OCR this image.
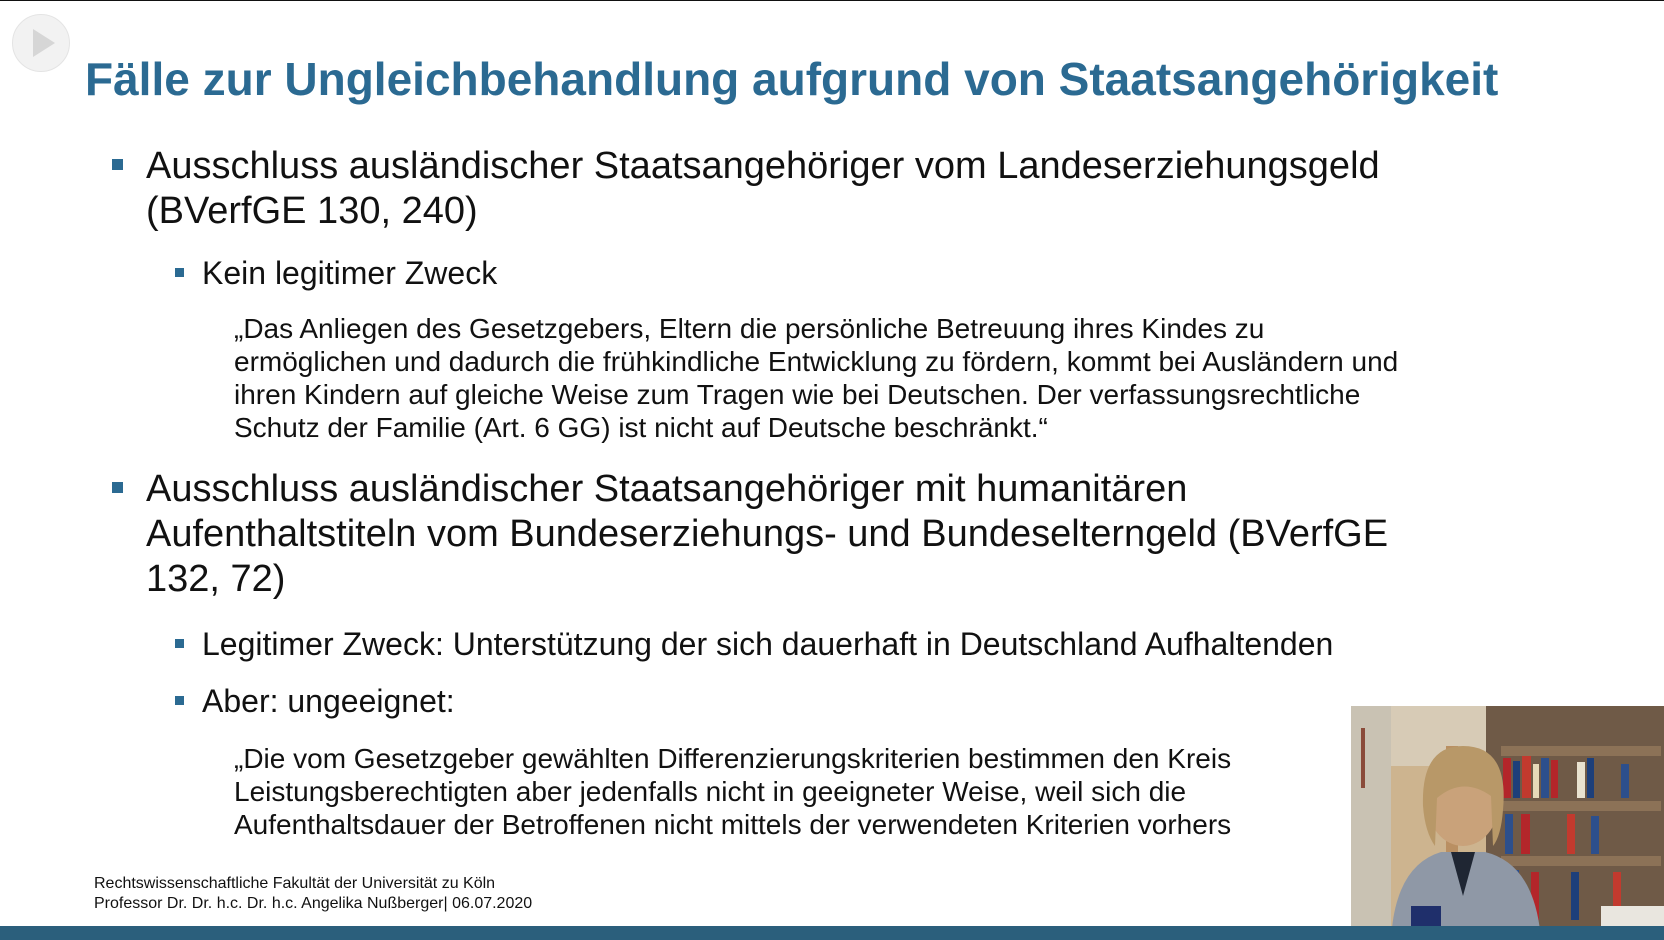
Fälle zur Ungleichbehandlung aufgrund von Staatsangehörigkeit
Ausschluss ausländischer Staatsangehöriger vom Landeserziehungsgeld
(BVerfGE 130, 240)
Kein legitimer Zweck
„Das Anliegen des Gesetzgebers, Eltern die persönliche Betreuung ihres Kindes zu
ermöglichen und dadurch die frühkindliche Entwicklung zu fördern, kommt bei Ausländern und
ihren Kindern auf gleiche Weise zum Tragen wie bei Deutschen. Der verfassungsrechtliche
Schutz der Familie (Art. 6 GG) ist nicht auf Deutsche beschränkt.“
Ausschluss ausländischer Staatsangehöriger mit humanitären
Aufenthaltstiteln vom Bundeserziehungs- und Bundeselterngeld (BVerfGE
132, 72)
Legitimer Zweck: Unterstützung der sich dauerhaft in Deutschland Aufhaltenden
Aber: ungeeignet:
„Die vom Gesetzgeber gewählten Differenzierungskriterien bestimmen den Kreis
Leistungsberechtigten aber jedenfalls nicht in geeigneter Weise, weil sich die
Aufenthaltsdauer der Betroffenen nicht mittels der verwendeten Kriterien vorhers
Rechtswissenschaftliche Fakultät der Universität zu Köln
Professor Dr. Dr. h.c. Dr. h.c. Angelika Nußberger| 06.07.2020
